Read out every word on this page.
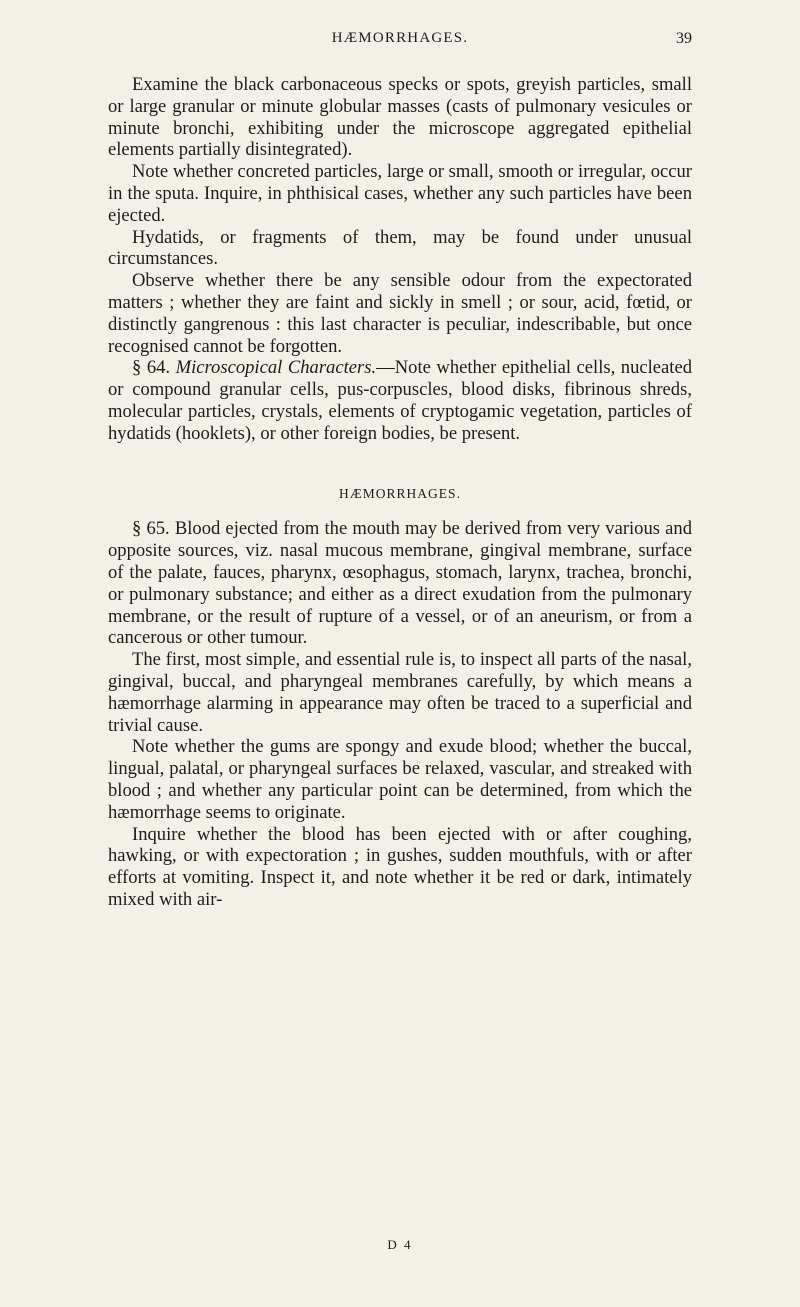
HÆMORRHAGES.	39

Examine the black carbonaceous specks or spots, greyish particles, small or large granular or minute globular masses (casts of pulmonary vesicules or minute bronchi, exhibiting under the microscope aggregated epithelial elements partially disintegrated).

Note whether concreted particles, large or small, smooth or irregular, occur in the sputa. Inquire, in phthisical cases, whether any such particles have been ejected.

Hydatids, or fragments of them, may be found under unusual circumstances.

Observe whether there be any sensible odour from the expectorated matters ; whether they are faint and sickly in smell ; or sour, acid, fœtid, or distinctly gangrenous : this last character is peculiar, indescribable, but once recognised cannot be forgotten.

§ 64. Microscopical Characters.—Note whether epithelial cells, nucleated or compound granular cells, pus-corpuscles, blood disks, fibrinous shreds, molecular particles, crystals, elements of cryptogamic vegetation, particles of hydatids (hooklets), or other foreign bodies, be present.

HÆMORRHAGES.

§ 65. Blood ejected from the mouth may be derived from very various and opposite sources, viz. nasal mucous membrane, gingival membrane, surface of the palate, fauces, pharynx, œsophagus, stomach, larynx, trachea, bronchi, or pulmonary substance; and either as a direct exudation from the pulmonary membrane, or the result of rupture of a vessel, or of an aneurism, or from a cancerous or other tumour.

The first, most simple, and essential rule is, to inspect all parts of the nasal, gingival, buccal, and pharyngeal membranes carefully, by which means a hæmorrhage alarming in appearance may often be traced to a superficial and trivial cause.

Note whether the gums are spongy and exude blood; whether the buccal, lingual, palatal, or pharyngeal surfaces be relaxed, vascular, and streaked with blood ; and whether any particular point can be determined, from which the hæmorrhage seems to originate.

Inquire whether the blood has been ejected with or after coughing, hawking, or with expectoration ; in gushes, sudden mouthfuls, with or after efforts at vomiting. Inspect it, and note whether it be red or dark, intimately mixed with air-

D 4
